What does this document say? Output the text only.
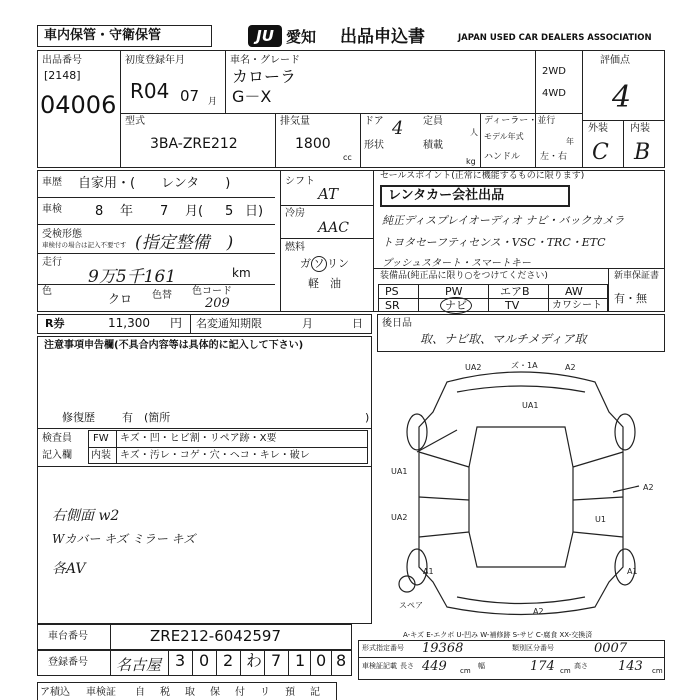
車内保管・守衛保管	JU 愛知 出品申込書	JAPAN USED CAR DEALERS ASSOCIATION
出品番号
[2148]
04006
初度登録年月
R04 07 月
車名・グレード
カローラ
G－X
2WD
4WD
評価点
4
外装 内装
C B
型式
3BA-ZRE212
排気量
1800
cc
ドア 4
形状
定員
人
積載
kg
ディーラー・並行
モデル年式
年
ハンドル 左・右
車歴 自家用・(　　レンタ　　)
車検	8 年 7 月( 5 日)
受検形態
車検付の場合は記入不要です (指定整備　)
走行
9万5千161	km
色
クロ 色替 色コード
209
シフト
AT
冷房
AAC
燃料
ガ ソ リン
軽　油
セールスポイント(正常に機能するものに限ります)
レンタカー会社出品
純正ディスプレイオーディオ ナビ・バックカメラ
トヨタセーフティセンス・VSC・TRC・ETC
プッシュスタート・スマートキー
装備品(純正品に限り○をつけてください)
PS	PW	エアB	AW
SR	ナビ	TV	カワシート
新車保証書
有・無
R券	11,300 円 名変通知期限	月	日 後日品
取、ナビ取、マルチメディア取
注意事項申告欄(不具合内容等は具体的に記入して下さい)
修復歴 有　(箇所	)
検査員
記入欄
FW キズ・凹・ヒビ割・リペア跡・X要
内装 キズ・汚レ・コゲ・穴・ヘコ・キレ・破レ
右側面 w2
Wカバー キズ ミラー キズ
各AV
UA2	ズ・1A	A2
UA1
UA1
A2
UA2	U1
A1	A1
A2
スペア
A-キズ E-エクボ U-凹み W-補修跡 S-サビ C-腐食 XX-交換済
車台番号	ZRE212-6042597
登録番号 名古屋 3 0 2 わ 7 1 0 8
形式指定番号 19368	類別区分番号	0007
車検証記載 長さ 449 cm
幅	174 cm
高さ 143 cm
ア積込 車検証 自 税 取 保 付 リ 預 記
